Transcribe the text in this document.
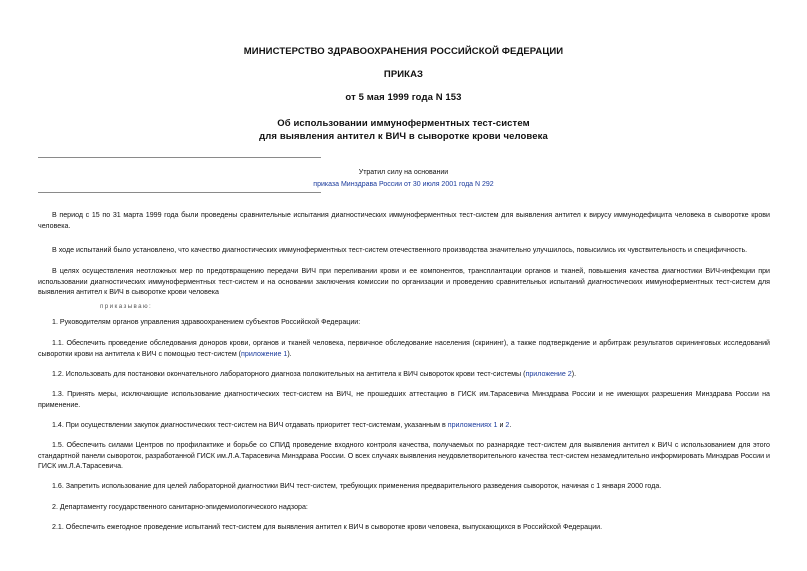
МИНИСТЕРСТВО ЗДРАВООХРАНЕНИЯ РОССИЙСКОЙ ФЕДЕРАЦИИ
ПРИКАЗ
от 5 мая 1999 года N 153
Об использовании иммуноферментных тест-систем
для выявления антител к ВИЧ в сыворотке крови человека
Утратил силу на основании
приказа Минздрава России от 30 июля 2001 года N 292
В период с 15 по 31 марта 1999 года были проведены сравнительные испытания диагностических иммуноферментных тест-систем для выявления антител к вирусу иммунодефицита человека в сыворотке крови человека.
В ходе испытаний было установлено, что качество диагностических иммуноферментных тест-систем отечественного производства значительно улучшилось, повысились их чувствительность и специфичность.
В целях осуществления неотложных мер по предотвращению передачи ВИЧ при переливании крови и ее компонентов, трансплантации органов и тканей, повышения качества диагностики ВИЧ-инфекции при использовании диагностических иммуноферментных тест-систем и на основании заключения комиссии по организации и проведению сравнительных испытаний диагностических иммуноферментных тест-систем для выявления антител к ВИЧ в сыворотке крови человека
приказываю:
1. Руководителям органов управления здравоохранением субъектов Российской Федерации:
1.1. Обеспечить проведение обследования доноров крови, органов и тканей человека, первичное обследование населения (скрининг), а также подтверждение и арбитраж результатов скрининговых исследований сыворотки крови на антитела к ВИЧ с помощью тест-систем (приложение 1).
1.2. Использовать для постановки окончательного лабораторного диагноза положительных на антитела к ВИЧ сывороток крови тест-системы (приложение 2).
1.3. Принять меры, исключающие использование диагностических тест-систем на ВИЧ, не прошедших аттестацию в ГИСК им.Тарасевича Минздрава России и не имеющих разрешения Минздрава России на применение.
1.4. При осуществлении закупок диагностических тест-систем на ВИЧ отдавать приоритет тест-системам, указанным в приложениях 1 и 2.
1.5. Обеспечить силами Центров по профилактике и борьбе со СПИД проведение входного контроля качества, получаемых по разнарядке тест-систем для выявления антител к ВИЧ с использованием для этого стандартной панели сывороток, разработанной ГИСК им.Л.А.Тарасевича Минздрава России. О всех случаях выявления неудовлетворительного качества тест-систем незамедлительно информировать Минздрав России и ГИСК им.Л.А.Тарасевича.
1.6. Запретить использование для целей лабораторной диагностики ВИЧ тест-систем, требующих применения предварительного разведения сывороток, начиная с 1 января 2000 года.
2. Департаменту государственного санитарно-эпидемиологического надзора:
2.1. Обеспечить ежегодное проведение испытаний тест-систем для выявления антител к ВИЧ в сыворотке крови человека, выпускающихся в Российской Федерации.
